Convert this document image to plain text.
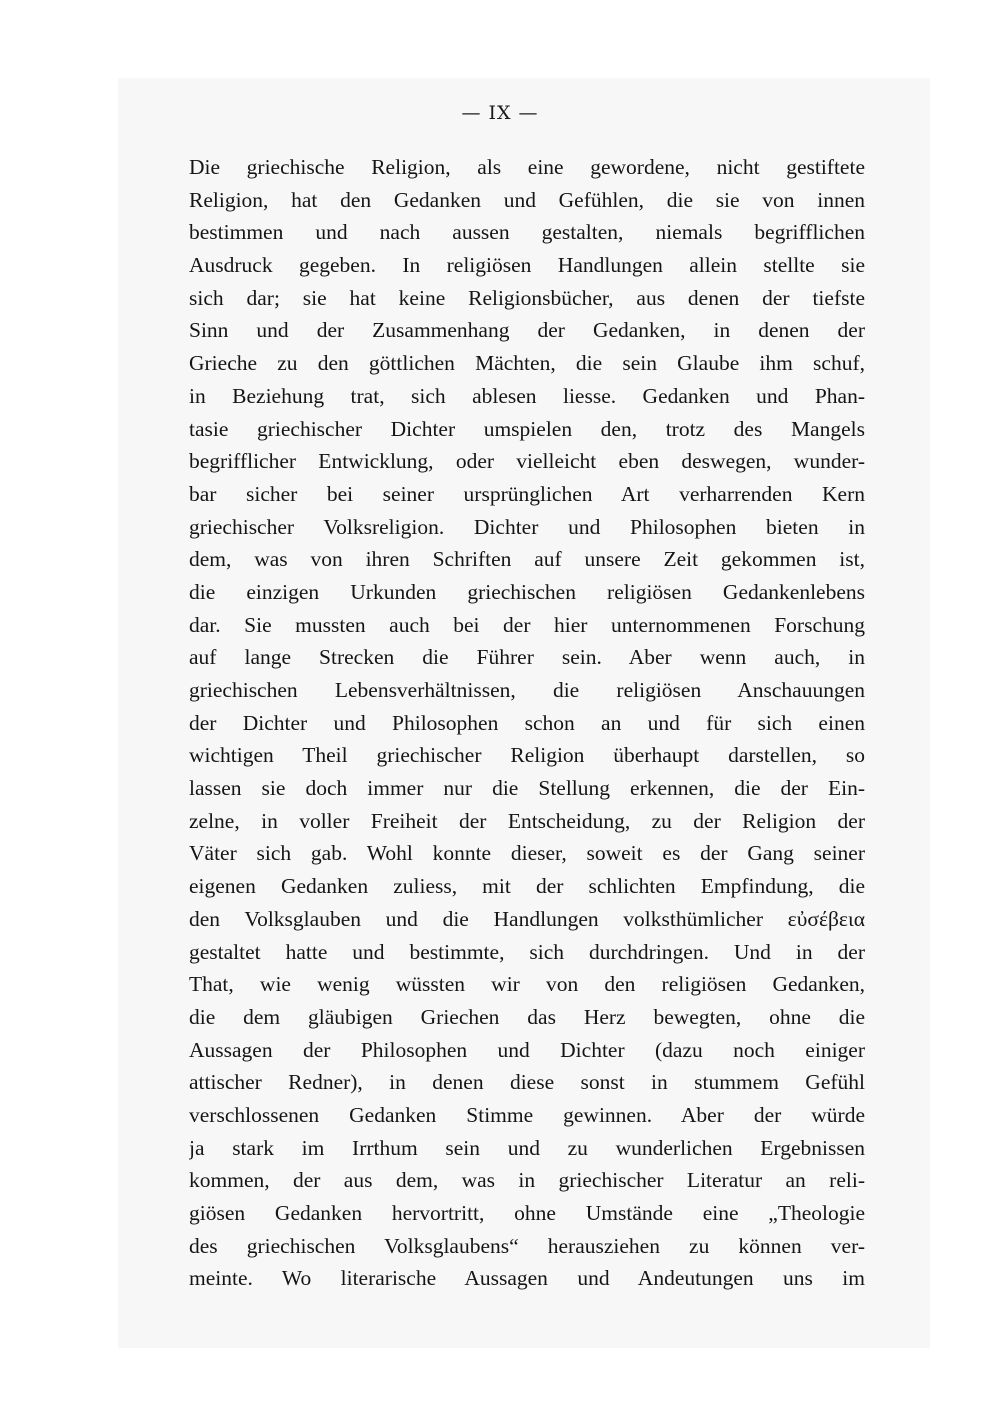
— IX —
Die griechische Religion, als eine gewordene, nicht gestiftete
Religion, hat den Gedanken und Gefühlen, die sie von innen
bestimmen und nach aussen gestalten, niemals begrifflichen
Ausdruck gegeben. In religiösen Handlungen allein stellte sie
sich dar; sie hat keine Religionsbücher, aus denen der tiefste
Sinn und der Zusammenhang der Gedanken, in denen der
Grieche zu den göttlichen Mächten, die sein Glaube ihm schuf,
in Beziehung trat, sich ablesen liesse. Gedanken und Phan-
tasie griechischer Dichter umspielen den, trotz des Mangels
begrifflicher Entwicklung, oder vielleicht eben deswegen, wunder-
bar sicher bei seiner ursprünglichen Art verharrenden Kern
griechischer Volksreligion. Dichter und Philosophen bieten in
dem, was von ihren Schriften auf unsere Zeit gekommen ist,
die einzigen Urkunden griechischen religiösen Gedankenlebens
dar. Sie mussten auch bei der hier unternommenen Forschung
auf lange Strecken die Führer sein. Aber wenn auch, in
griechischen Lebensverhältnissen, die religiösen Anschauungen
der Dichter und Philosophen schon an und für sich einen
wichtigen Theil griechischer Religion überhaupt darstellen, so
lassen sie doch immer nur die Stellung erkennen, die der Ein-
zelne, in voller Freiheit der Entscheidung, zu der Religion der
Väter sich gab. Wohl konnte dieser, soweit es der Gang seiner
eigenen Gedanken zuliess, mit der schlichten Empfindung, die
den Volksglauben und die Handlungen volksthümlicher εὐσέβεια
gestaltet hatte und bestimmte, sich durchdringen. Und in der
That, wie wenig wüssten wir von den religiösen Gedanken,
die dem gläubigen Griechen das Herz bewegten, ohne die
Aussagen der Philosophen und Dichter (dazu noch einiger
attischer Redner), in denen diese sonst in stummem Gefühl
verschlossenen Gedanken Stimme gewinnen. Aber der würde
ja stark im Irrthum sein und zu wunderlichen Ergebnissen
kommen, der aus dem, was in griechischer Literatur an reli-
giösen Gedanken hervortritt, ohne Umstände eine „Theologie
des griechischen Volksglaubens“ herausziehen zu können ver-
meinte. Wo literarische Aussagen und Andeutungen uns im
